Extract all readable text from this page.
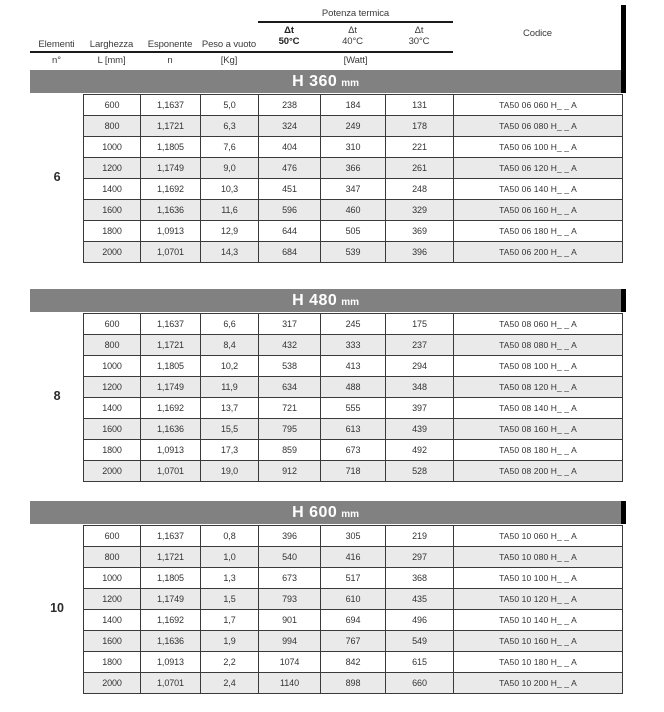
Potenza termica
Δt
50°C
Δt
40°C
Δt
30°C
Elementi	Larghezza	Esponente	Peso a vuoto
Codice
n°	L [mm]	n	[Kg]	[Watt]
H 360 mm
6
600	1,1637	5,0	238	184	131	TA50 06 060 H_ _ A
800	1,1721	6,3	324	249	178	TA50 06 080 H_ _ A
1000	1,1805	7,6	404	310	221	TA50 06 100 H_ _ A
1200	1,1749	9,0	476	366	261	TA50 06 120 H_ _ A
1400	1,1692	10,3	451	347	248	TA50 06 140 H_ _ A
1600	1,1636	11,6	596	460	329	TA50 06 160 H_ _ A
1800	1,0913	12,9	644	505	369	TA50 06 180 H_ _ A
2000	1,0701	14,3	684	539	396	TA50 06 200 H_ _ A
H 480 mm
8
600	1,1637	6,6	317	245	175	TA50 08 060 H_ _ A
800	1,1721	8,4	432	333	237	TA50 08 080 H_ _ A
1000	1,1805	10,2	538	413	294	TA50 08 100 H_ _ A
1200	1,1749	11,9	634	488	348	TA50 08 120 H_ _ A
1400	1,1692	13,7	721	555	397	TA50 08 140 H_ _ A
1600	1,1636	15,5	795	613	439	TA50 08 160 H_ _ A
1800	1,0913	17,3	859	673	492	TA50 08 180 H_ _ A
2000	1,0701	19,0	912	718	528	TA50 08 200 H_ _ A
H 600 mm
10
600	1,1637	0,8	396	305	219	TA50 10 060 H_ _ A
800	1,1721	1,0	540	416	297	TA50 10 080 H_ _ A
1000	1,1805	1,3	673	517	368	TA50 10 100 H_ _ A
1200	1,1749	1,5	793	610	435	TA50 10 120 H_ _ A
1400	1,1692	1,7	901	694	496	TA50 10 140 H_ _ A
1600	1,1636	1,9	994	767	549	TA50 10 160 H_ _ A
1800	1,0913	2,2	1074	842	615	TA50 10 180 H_ _ A
2000	1,0701	2,4	1140	898	660	TA50 10 200 H_ _ A
